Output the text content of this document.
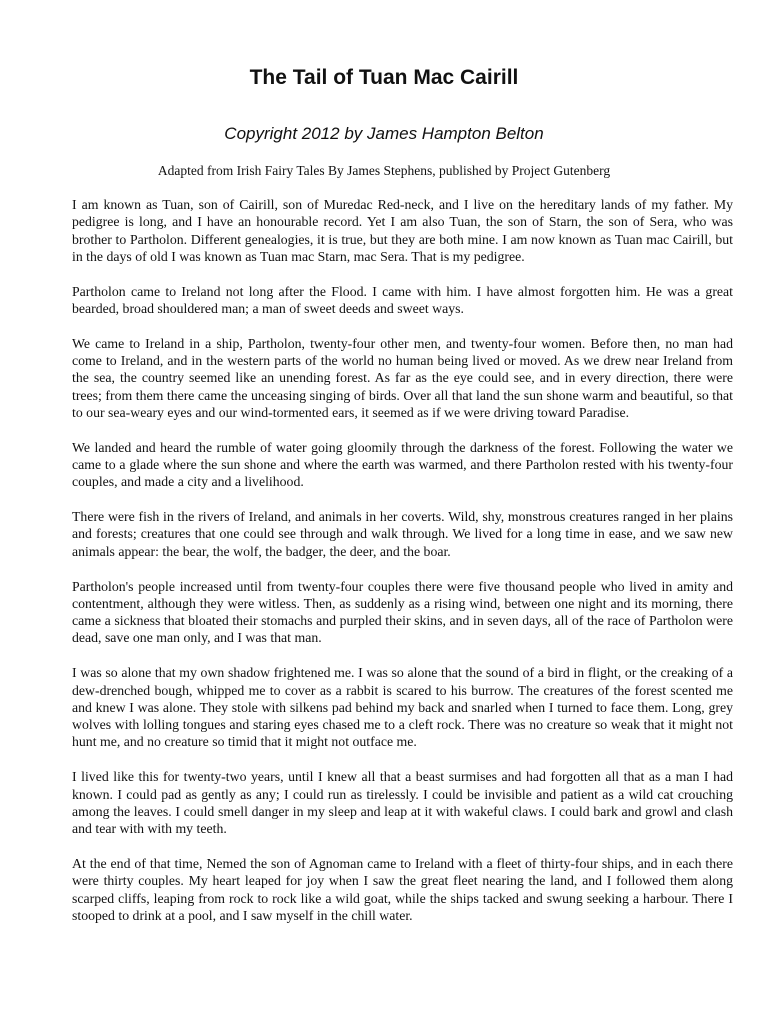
The Tail of Tuan Mac Cairill
Copyright 2012 by James Hampton Belton
Adapted from Irish Fairy Tales By James Stephens, published by Project Gutenberg

I am known as Tuan, son of Cairill, son of Muredac Red-neck, and I live on the hereditary lands of my father. My pedigree is long, and I have an honourable record. Yet I am also Tuan, the son of Starn, the son of Sera, who was brother to Partholon. Different genealogies, it is true, but they are both mine. I am now known as Tuan mac Cairill, but in the days of old I was known as Tuan mac Starn, mac Sera. That is my pedigree.

Partholon came to Ireland not long after the Flood. I came with him. I have almost forgotten him. He was a great bearded, broad shouldered man; a man of sweet deeds and sweet ways.

We came to Ireland in a ship, Partholon, twenty-four other men, and twenty-four women. Before then, no man had come to Ireland, and in the western parts of the world no human being lived or moved. As we drew near Ireland from the sea, the country seemed like an unending forest. As far as the eye could see, and in every direction, there were trees; from them there came the unceasing singing of birds. Over all that land the sun shone warm and beautiful, so that to our sea-weary eyes and our wind-tormented ears, it seemed as if we were driving toward Paradise.

We landed and heard the rumble of water going gloomily through the darkness of the forest. Following the water we came to a glade where the sun shone and where the earth was warmed, and there Partholon rested with his twenty-four couples, and made a city and a livelihood.

There were fish in the rivers of Ireland, and animals in her coverts. Wild, shy, monstrous creatures ranged in her plains and forests; creatures that one could see through and walk through. We lived for a long time in ease, and we saw new animals appear: the bear, the wolf, the badger, the deer, and the boar.

Partholon's people increased until from twenty-four couples there were five thousand people who lived in amity and contentment, although they were witless. Then, as suddenly as a rising wind, between one night and its morning, there came a sickness that bloated their stomachs and purpled their skins, and in seven days, all of the race of Partholon were dead, save one man only, and I was that man.

I was so alone that my own shadow frightened me. I was so alone that the sound of a bird in flight, or the creaking of a dew-drenched bough, whipped me to cover as a rabbit is scared to his burrow. The creatures of the forest scented me and knew I was alone. They stole with silkens pad behind my back and snarled when I turned to face them. Long, grey wolves with lolling tongues and staring eyes chased me to a cleft rock. There was no creature so weak that it might not hunt me, and no creature so timid that it might not outface me.

I lived like this for twenty-two years, until I knew all that a beast surmises and had forgotten all that as a man I had known. I could pad as gently as any; I could run as tirelessly. I could be invisible and patient as a wild cat crouching among the leaves. I could smell danger in my sleep and leap at it with wakeful claws. I could bark and growl and clash and tear with with my teeth.

At the end of that time, Nemed the son of Agnoman came to Ireland with a fleet of thirty-four ships, and in each there were thirty couples. My heart leaped for joy when I saw the great fleet nearing the land, and I followed them along scarped cliffs, leaping from rock to rock like a wild goat, while the ships tacked and swung seeking a harbour. There I stooped to drink at a pool, and I saw myself in the chill water.
